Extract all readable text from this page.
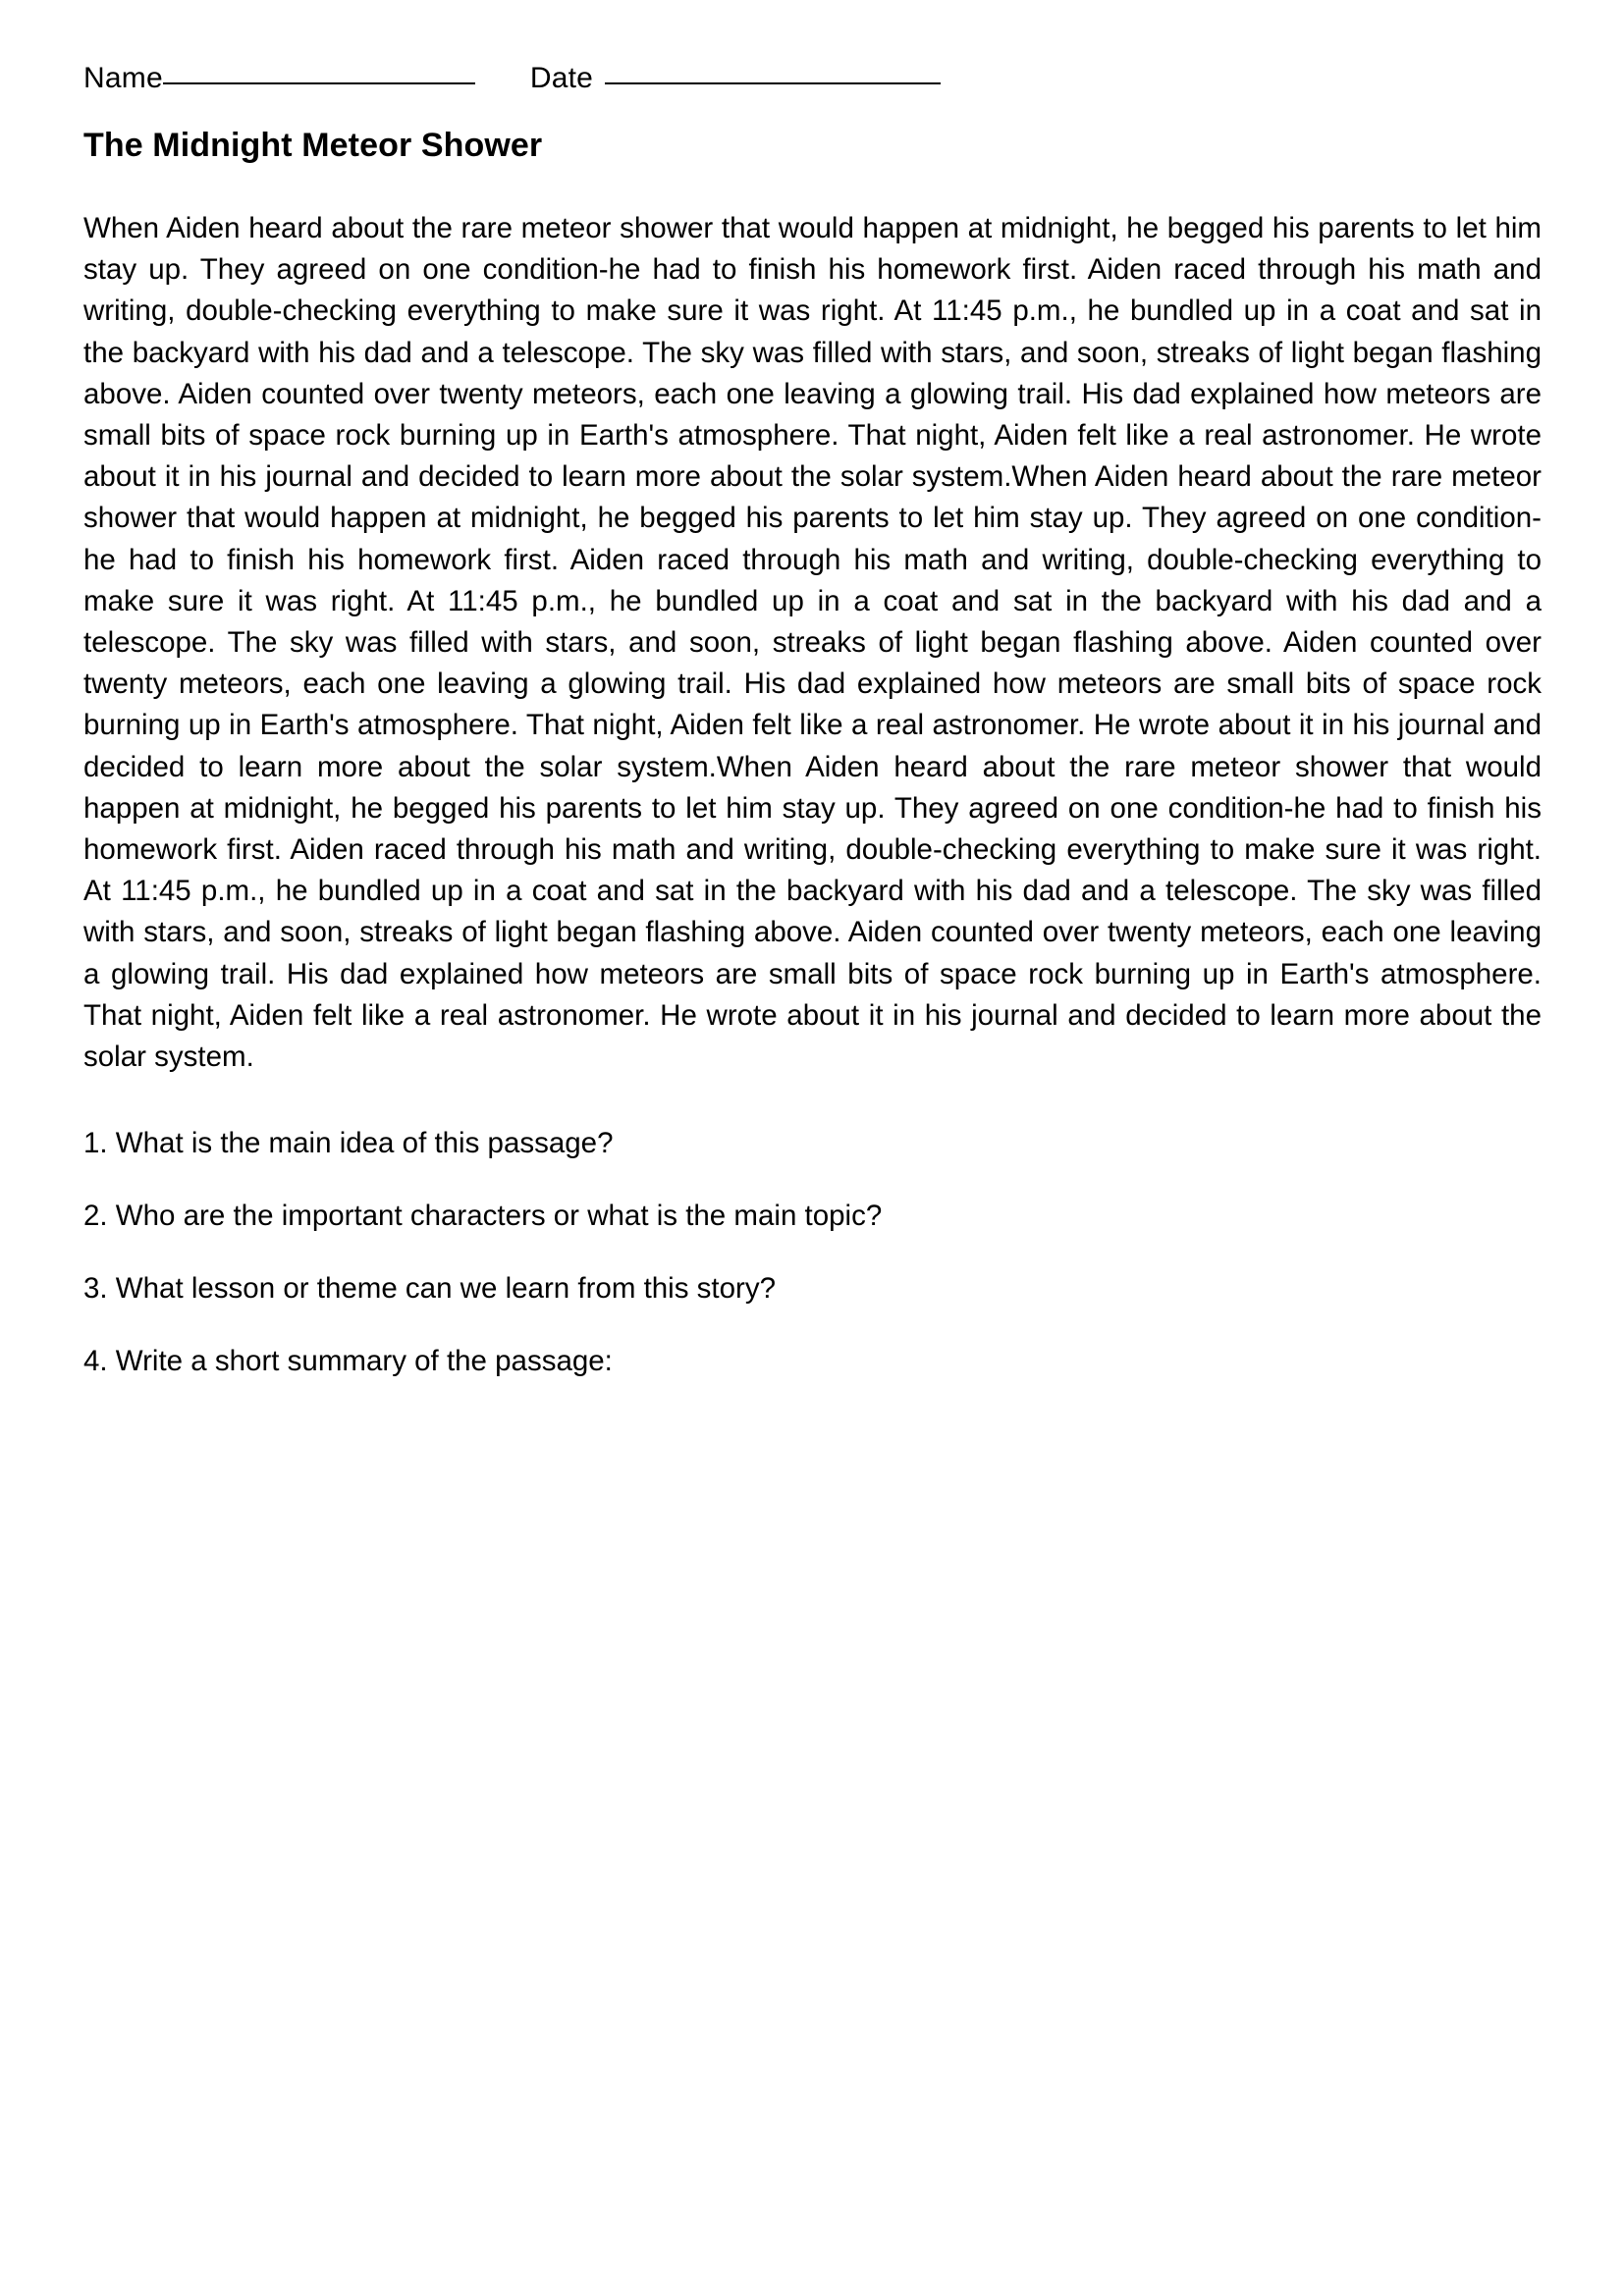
Name	Date
The Midnight Meteor Shower

When Aiden heard about the rare meteor shower that would happen at midnight, he begged his parents to let him stay up. They agreed on one condition-he had to finish his homework first. Aiden raced through his math and writing, double-checking everything to make sure it was right. At 11:45 p.m., he bundled up in a coat and sat in the backyard with his dad and a telescope. The sky was filled with stars, and soon, streaks of light began flashing above. Aiden counted over twenty meteors, each one leaving a glowing trail. His dad explained how meteors are small bits of space rock burning up in Earth's atmosphere. That night, Aiden felt like a real astronomer. He wrote about it in his journal and decided to learn more about the solar system.When Aiden heard about the rare meteor shower that would happen at midnight, he begged his parents to let him stay up. They agreed on one condition-he had to finish his homework first. Aiden raced through his math and writing, double-checking everything to make sure it was right. At 11:45 p.m., he bundled up in a coat and sat in the backyard with his dad and a telescope. The sky was filled with stars, and soon, streaks of light began flashing above. Aiden counted over twenty meteors, each one leaving a glowing trail. His dad explained how meteors are small bits of space rock burning up in Earth's atmosphere. That night, Aiden felt like a real astronomer. He wrote about it in his journal and decided to learn more about the solar system.When Aiden heard about the rare meteor shower that would happen at midnight, he begged his parents to let him stay up. They agreed on one condition-he had to finish his homework first. Aiden raced through his math and writing, double-checking everything to make sure it was right. At 11:45 p.m., he bundled up in a coat and sat in the backyard with his dad and a telescope. The sky was filled with stars, and soon, streaks of light began flashing above. Aiden counted over twenty meteors, each one leaving a glowing trail. His dad explained how meteors are small bits of space rock burning up in Earth's atmosphere. That night, Aiden felt like a real astronomer. He wrote about it in his journal and decided to learn more about the solar system.

1. What is the main idea of this passage?
2. Who are the important characters or what is the main topic?
3. What lesson or theme can we learn from this story?
4. Write a short summary of the passage:
